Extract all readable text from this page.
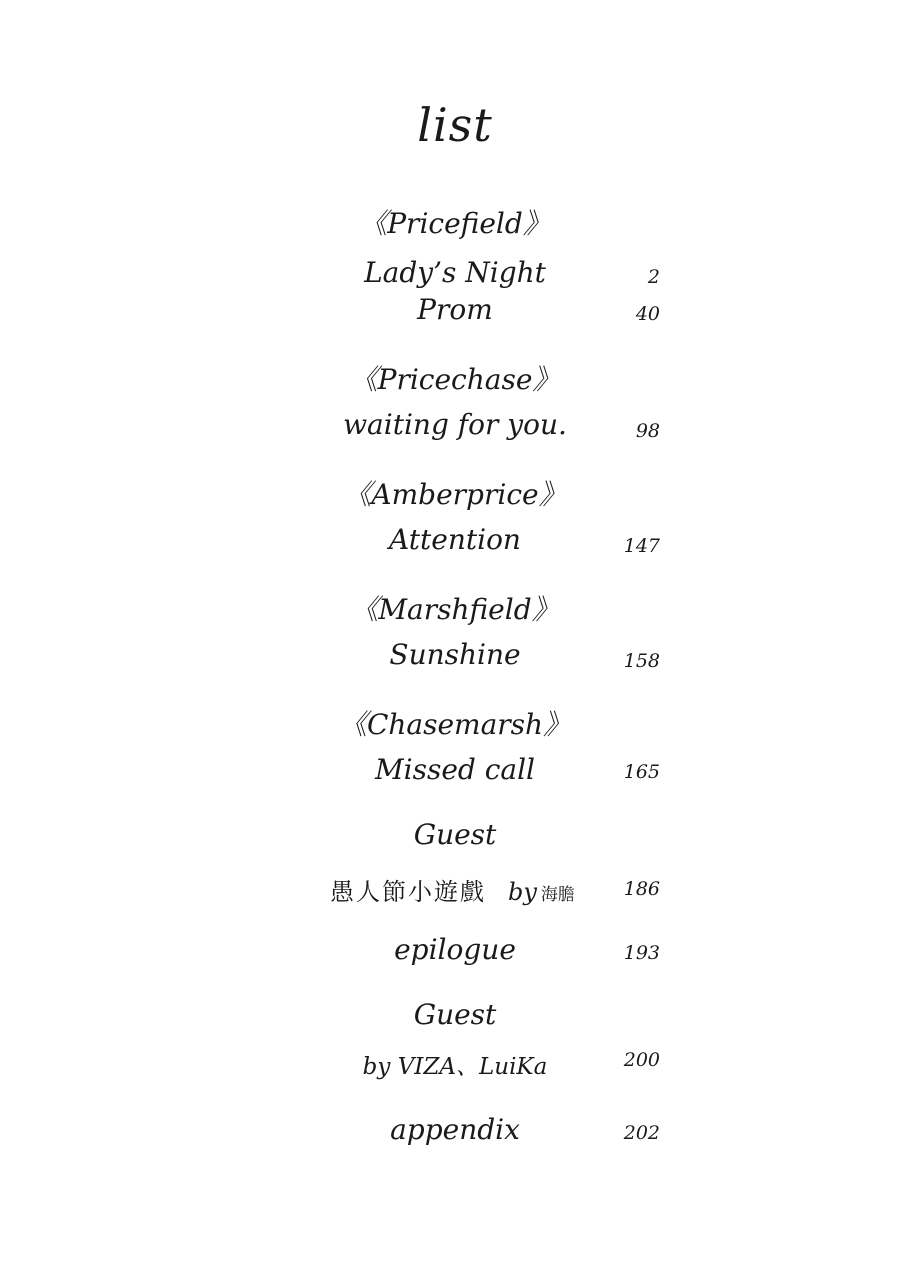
list
《Pricefield》
Lady’s Night	2
Prom	40
《Pricechase》
waiting for you.	98
《Amberprice》
Attention	147
《Marshfield》
Sunshine	158
《Chasemarsh》
Missed call	165
Guest
愚人節小遊戲 by 海膽	186
epilogue	193
Guest
by VIZA、LuiKa	200
appendix	202
